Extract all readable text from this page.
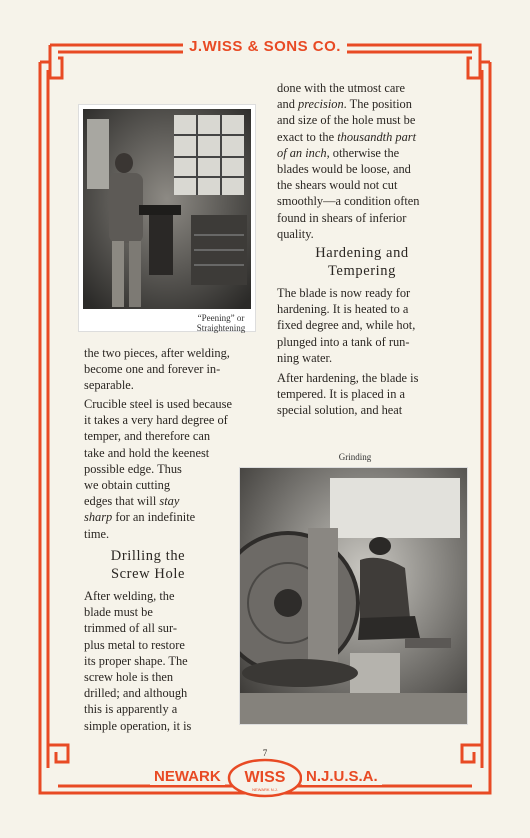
WISS
NEWARK N.J.
J.WISS & SONS CO.
NEWARK	N.J.U.S.A.
“Peening” or
Straightening
Grinding
done with the utmost care
and precision. The position
and size of the hole must be
exact to the thousandth part
of an inch, otherwise the
blades would be loose, and
the shears would not cut
smoothly—a condition often
found in shears of inferior
quality.
Hardening and
Tempering
The blade is now ready for
hardening. It is heated to a
fixed degree and, while hot,
plunged into a tank of run-
ning water.
After hardening, the blade is
tempered. It is placed in a
special solution, and heat
the two pieces, after welding,
become one and forever in-
separable.
Crucible steel is used because
it takes a very hard degree of
temper, and therefore can
take and hold the keenest
possible edge. Thus
we obtain cutting
edges that will stay
sharp for an indefinite
time.
Drilling the
Screw Hole
After welding, the
blade must be
trimmed of all sur-
plus metal to restore
its proper shape. The
screw hole is then
drilled; and although
this is apparently a
simple operation, it is
7
